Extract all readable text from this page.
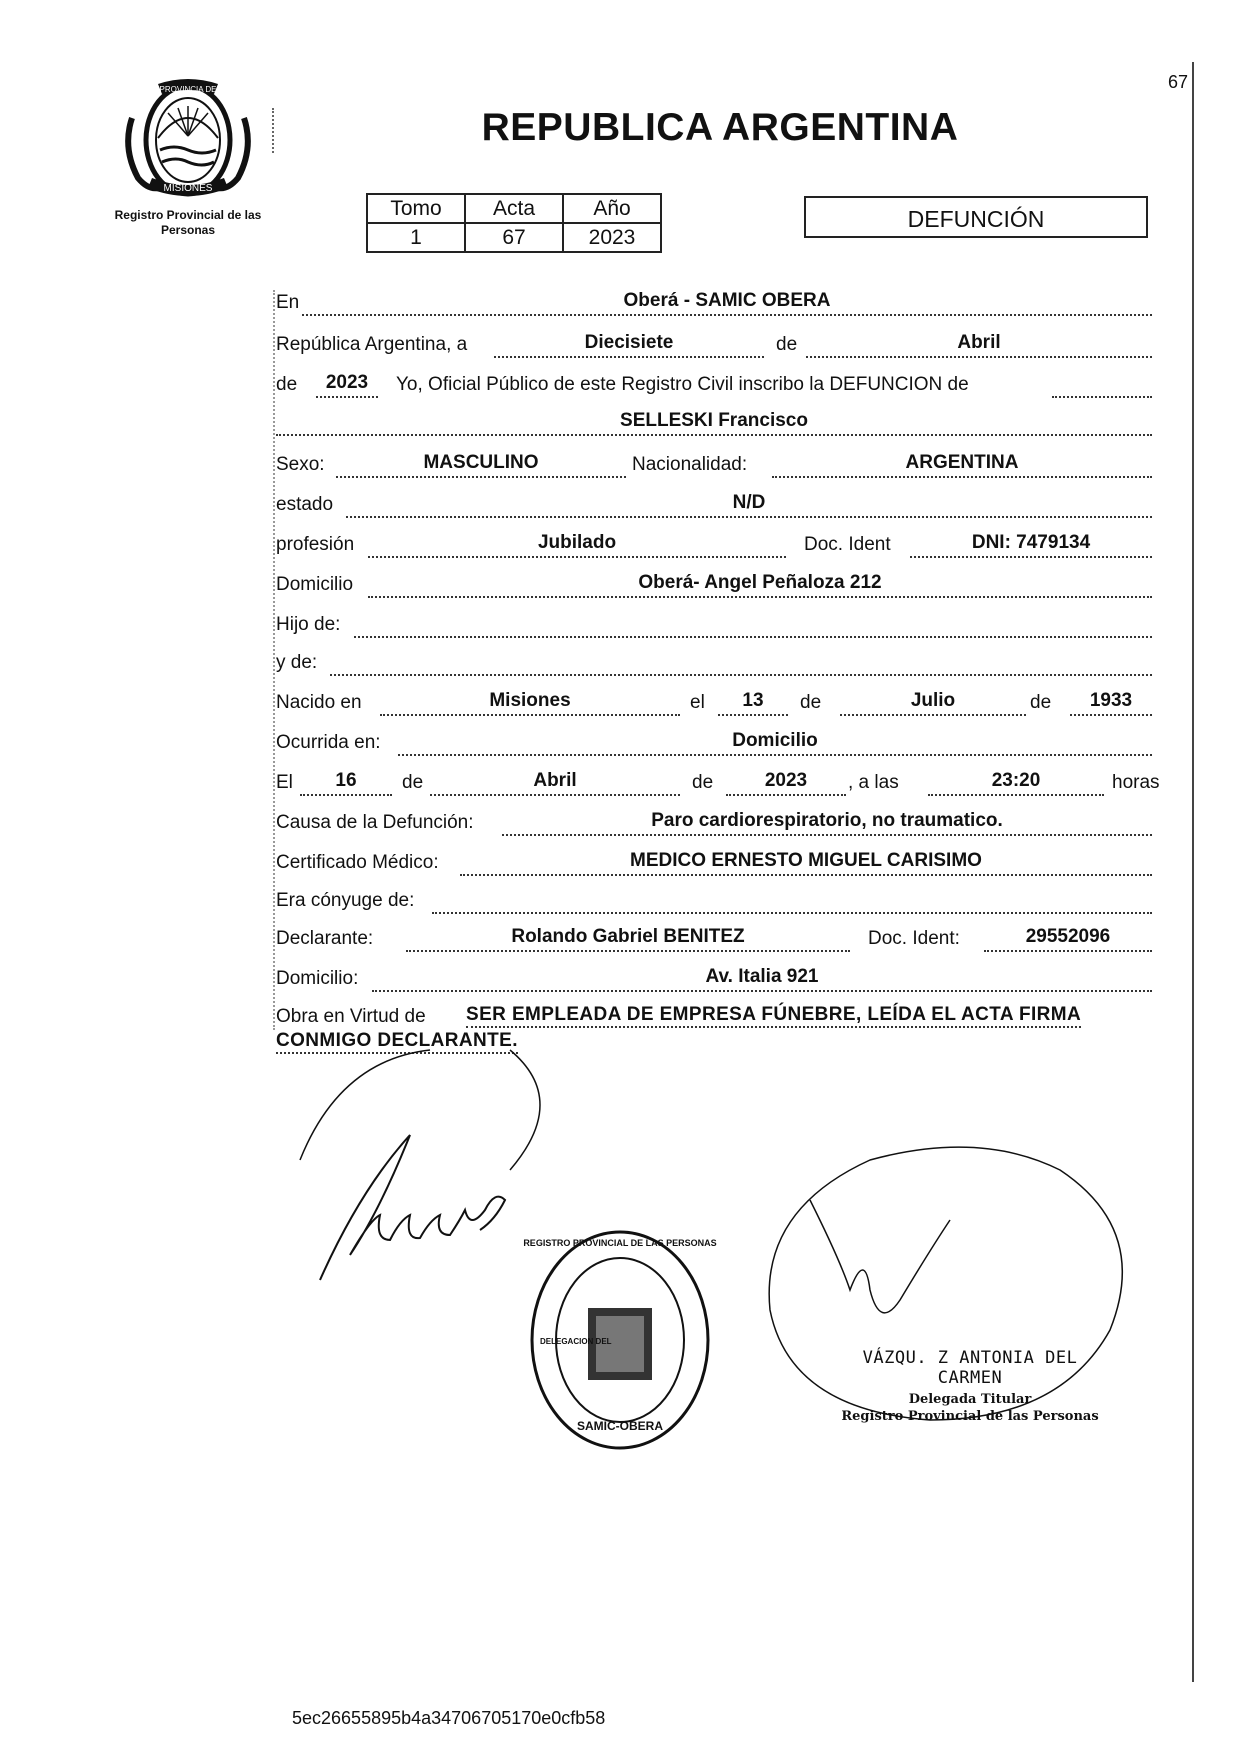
67
PROVINCIA DE
MISIONES
Registro Provincial de las Personas
REPUBLICA ARGENTINA
Tomo	Acta	Año
1	67	2023
DEFUNCIÓN
En	Oberá - SAMIC OBERA
República Argentina, a	Diecisiete	de	Abril
de	2023	Yo, Oficial Público de este Registro Civil inscribo la DEFUNCION de
SELLESKI Francisco
Sexo:	MASCULINO	Nacionalidad:	ARGENTINA
estado	N/D
profesión	Jubilado	Doc. Ident	DNI: 7479134
Domicilio	Oberá- Angel Peñaloza 212
Hijo de:
y de:
Nacido en	Misiones	el	13	de	Julio	de	1933
Ocurrida en:	Domicilio
El	16	de	Abril	de	2023	, a las	23:20	horas
Causa de la Defunción:	Paro cardiorespiratorio, no traumatico.
Certificado Médico:	MEDICO ERNESTO MIGUEL CARISIMO
Era cónyuge de:
Declarante:	Rolando Gabriel BENITEZ	Doc. Ident:	29552096
Domicilio:	Av. Italia 921
Obra en Virtud de SER EMPLEADA DE EMPRESA FÚNEBRE, LEÍDA EL ACTA FIRMA
CONMIGO DECLARANTE.
REGISTRO PROVINCIAL DE LAS PERSONAS
DELEGACION DEL
SAMIC-OBERA
VÁZQU. Z ANTONIA DEL CARMEN
Delegada Titular
Registro Provincial de las Personas
5ec26655895b4a34706705170e0cfb58
